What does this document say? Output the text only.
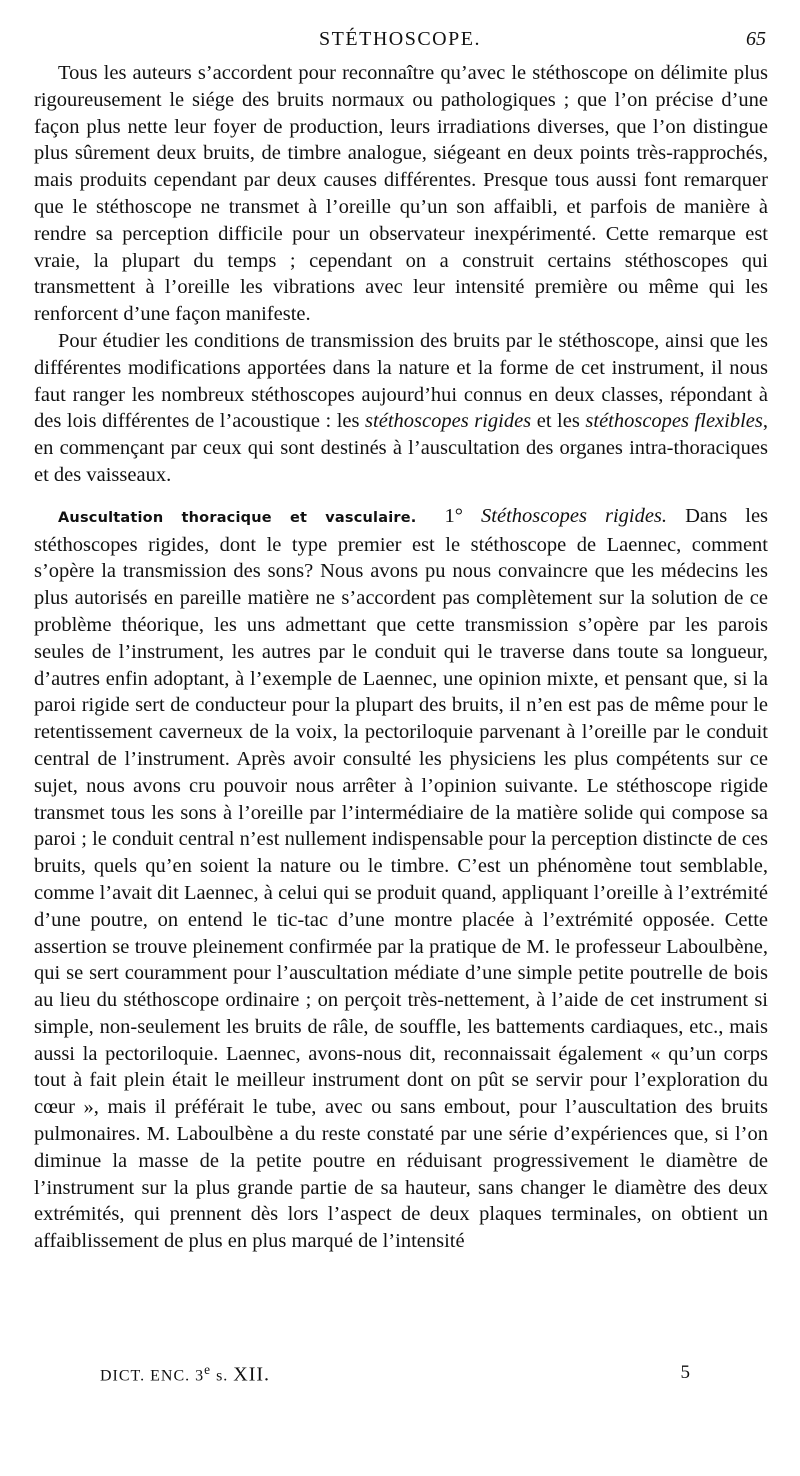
STÉTHOSCOPE.	65

Tous les auteurs s’accordent pour reconnaître qu’avec le stéthoscope on délimite plus rigoureusement le siége des bruits normaux ou pathologiques ; que l’on précise d’une façon plus nette leur foyer de production, leurs irradiations diverses, que l’on distingue plus sûrement deux bruits, de timbre analogue, siégeant en deux points très-rapprochés, mais produits cependant par deux causes différentes. Presque tous aussi font remarquer que le stéthoscope ne transmet à l’oreille qu’un son affaibli, et parfois de manière à rendre sa perception difficile pour un observateur inexpérimenté. Cette remarque est vraie, la plupart du temps ; cependant on a construit certains stéthoscopes qui transmettent à l’oreille les vibrations avec leur intensité première ou même qui les renforcent d’une façon manifeste.

Pour étudier les conditions de transmission des bruits par le stéthoscope, ainsi que les différentes modifications apportées dans la nature et la forme de cet instrument, il nous faut ranger les nombreux stéthoscopes aujourd’hui connus en deux classes, répondant à des lois différentes de l’acoustique : les stéthoscopes rigides et les stéthoscopes flexibles, en commençant par ceux qui sont destinés à l’auscultation des organes intra-thoraciques et des vaisseaux.

Auscultation thoracique et vasculaire. 1° Stéthoscopes rigides. Dans les stéthoscopes rigides, dont le type premier est le stéthoscope de Laennec, comment s’opère la transmission des sons? Nous avons pu nous convaincre que les médecins les plus autorisés en pareille matière ne s’accordent pas complètement sur la solution de ce problème théorique, les uns admettant que cette transmission s’opère par les parois seules de l’instrument, les autres par le conduit qui le traverse dans toute sa longueur, d’autres enfin adoptant, à l’exemple de Laennec, une opinion mixte, et pensant que, si la paroi rigide sert de conducteur pour la plupart des bruits, il n’en est pas de même pour le retentissement caverneux de la voix, la pectoriloquie parvenant à l’oreille par le conduit central de l’instrument. Après avoir consulté les physiciens les plus compétents sur ce sujet, nous avons cru pouvoir nous arrêter à l’opinion suivante. Le stéthoscope rigide transmet tous les sons à l’oreille par l’intermédiaire de la matière solide qui compose sa paroi ; le conduit central n’est nullement indispensable pour la perception distincte de ces bruits, quels qu’en soient la nature ou le timbre. C’est un phénomène tout semblable, comme l’avait dit Laennec, à celui qui se produit quand, appliquant l’oreille à l’extrémité d’une poutre, on entend le tic-tac d’une montre placée à l’extrémité opposée. Cette assertion se trouve pleinement confirmée par la pratique de M. le professeur Laboulbène, qui se sert couramment pour l’auscultation médiate d’une simple petite poutrelle de bois au lieu du stéthoscope ordinaire ; on perçoit très-nettement, à l’aide de cet instrument si simple, non-seulement les bruits de râle, de souffle, les battements cardiaques, etc., mais aussi la pectoriloquie. Laennec, avons-nous dit, reconnaissait également « qu’un corps tout à fait plein était le meilleur instrument dont on pût se servir pour l’exploration du cœur », mais il préférait le tube, avec ou sans embout, pour l’auscultation des bruits pulmonaires. M. Laboulbène a du reste constaté par une série d’expériences que, si l’on diminue la masse de la petite poutre en réduisant progressivement le diamètre de l’instrument sur la plus grande partie de sa hauteur, sans changer le diamètre des deux extrémités, qui prennent dès lors l’aspect de deux plaques terminales, on obtient un affaiblissement de plus en plus marqué de l’intensité

DICT. ENC. 3e s. XII.	5
